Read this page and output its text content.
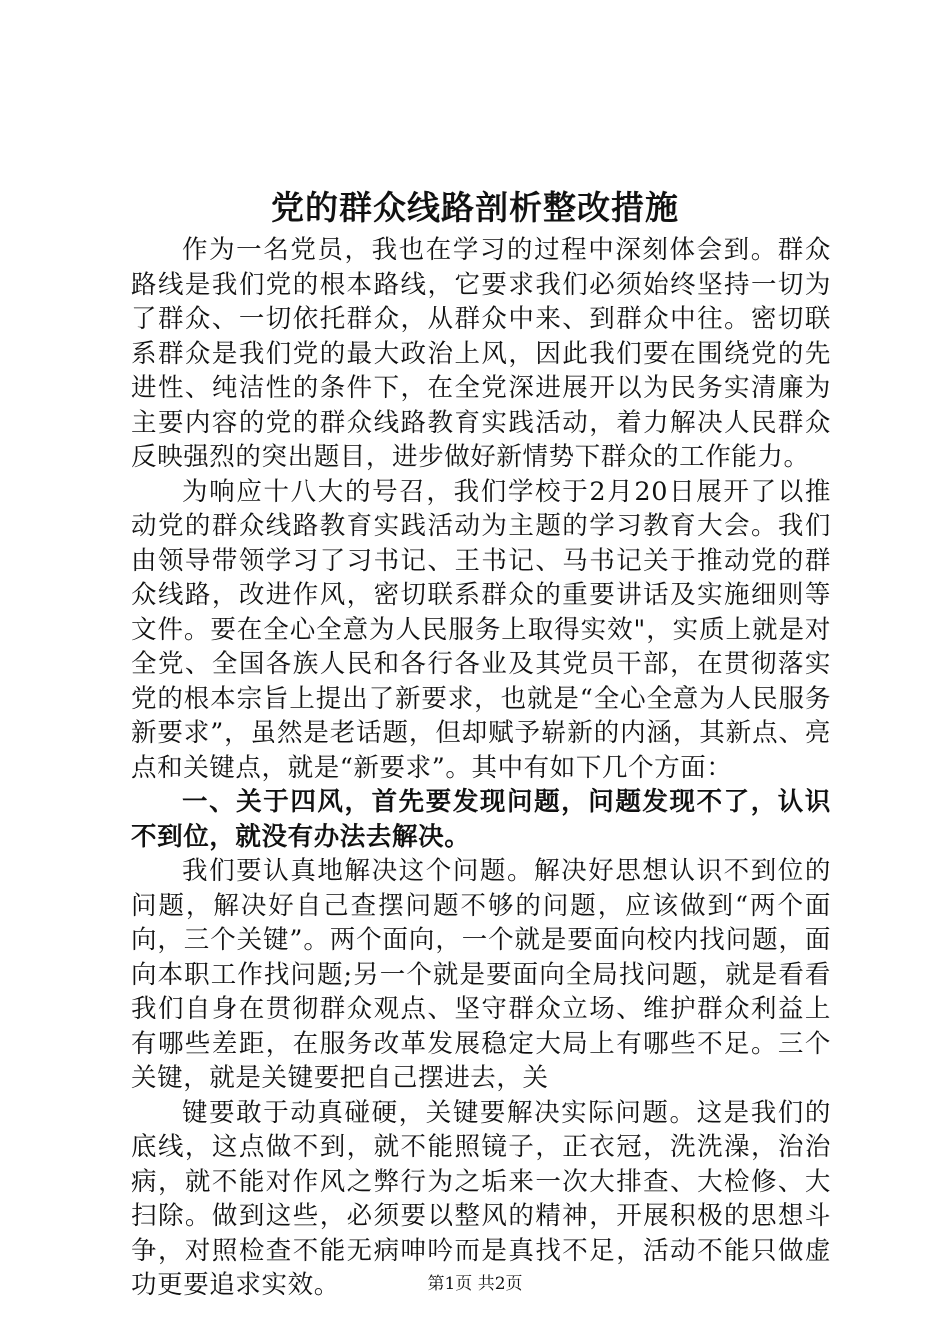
党的群众线路剖析整改措施

作为一名党员，我也在学习的过程中深刻体会到。群众路线是我们党的根本路线，它要求我们必须始终坚持一切为了群众、一切依托群众，从群众中来、到群众中往。密切联系群众是我们党的最大政治上风，因此我们要在围绕党的先进性、纯洁性的条件下，在全党深进展开以为民务实清廉为主要内容的党的群众线路教育实践活动，着力解决人民群众反映强烈的突出题目，进步做好新情势下群众的工作能力。

为响应十八大的号召，我们学校于2月20日展开了以推动党的群众线路教育实践活动为主题的学习教育大会。我们由领导带领学习了习书记、王书记、马书记关于推动党的群众线路，改进作风，密切联系群众的重要讲话及实施细则等文件。要在全心全意为人民服务上取得实效"，实质上就是对全党、全国各族人民和各行各业及其党员干部，在贯彻落实党的根本宗旨上提出了新要求，也就是“全心全意为人民服务新要求”，虽然是老话题，但却赋予崭新的内涵，其新点、亮点和关键点，就是“新要求”。其中有如下几个方面：

一、关于四风，首先要发现问题，问题发现不了，认识不到位，就没有办法去解决。

我们要认真地解决这个问题。解决好思想认识不到位的问题，解决好自己查摆问题不够的问题，应该做到“两个面向，三个关键”。两个面向，一个就是要面向校内找问题，面向本职工作找问题;另一个就是要面向全局找问题，就是看看我们自身在贯彻群众观点、坚守群众立场、维护群众利益上有哪些差距，在服务改革发展稳定大局上有哪些不足。三个关键，就是关键要把自己摆进去，关

键要敢于动真碰硬，关键要解决实际问题。这是我们的底线，这点做不到，就不能照镜子，正衣冠，洗洗澡，治治病，就不能对作风之弊行为之垢来一次大排查、大检修、大扫除。做到这些，必须要以整风的精神，开展积极的思想斗争，对照检查不能无病呻吟而是真找不足，活动不能只做虚功更要追求实效。	第1页 共2页
